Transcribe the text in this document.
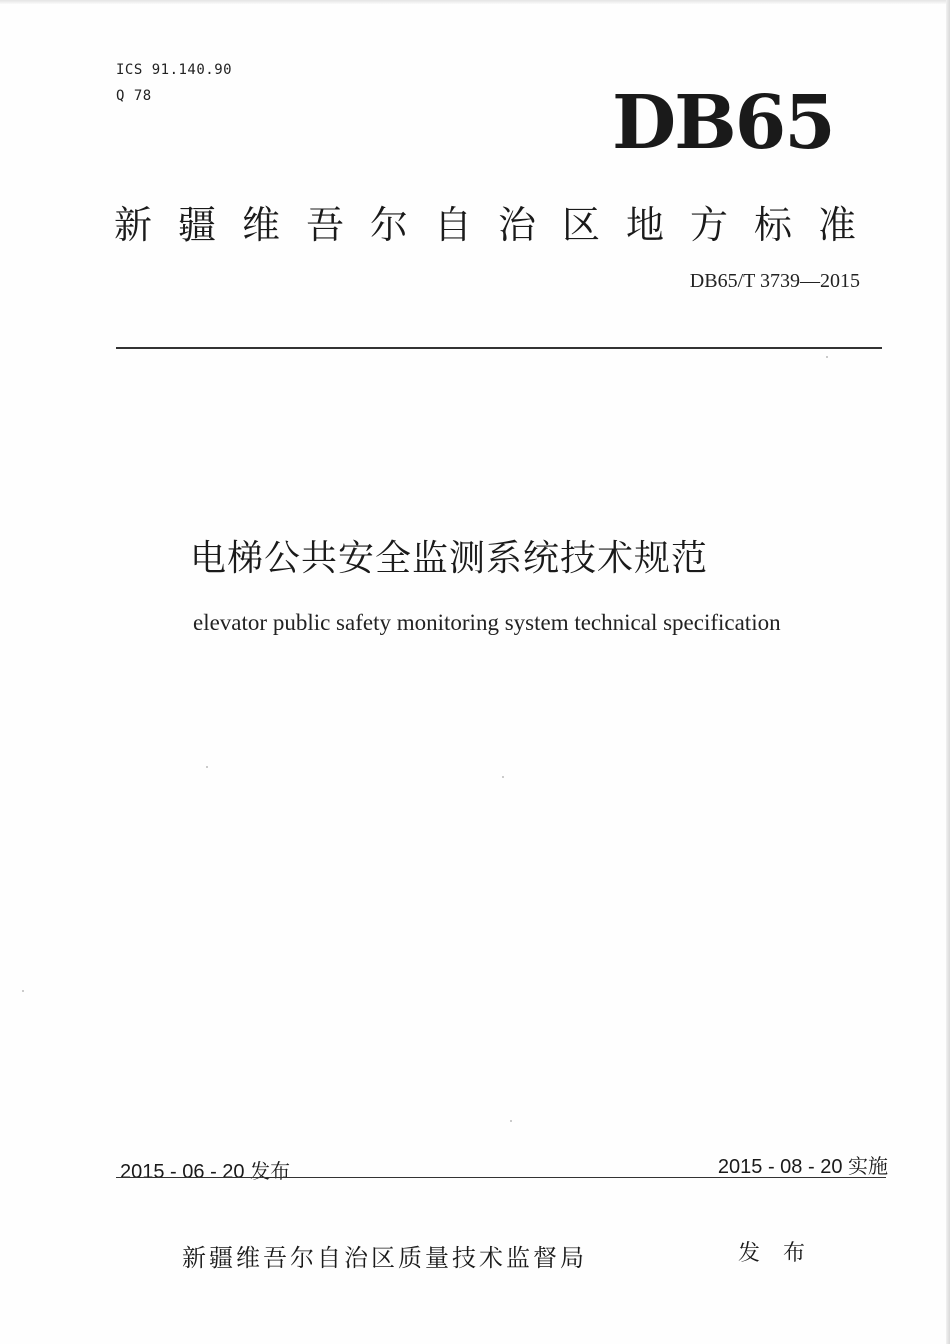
ICS 91.140.90
Q 78	DB65
新疆维吾尔自治区地方标准
DB65/T 3739—2015
电梯公共安全监测系统技术规范
elevator public safety monitoring system technical specification
2015 - 06 - 20 发布	2015 - 08 - 20 实施
新疆维吾尔自治区质量技术监督局	发 布
